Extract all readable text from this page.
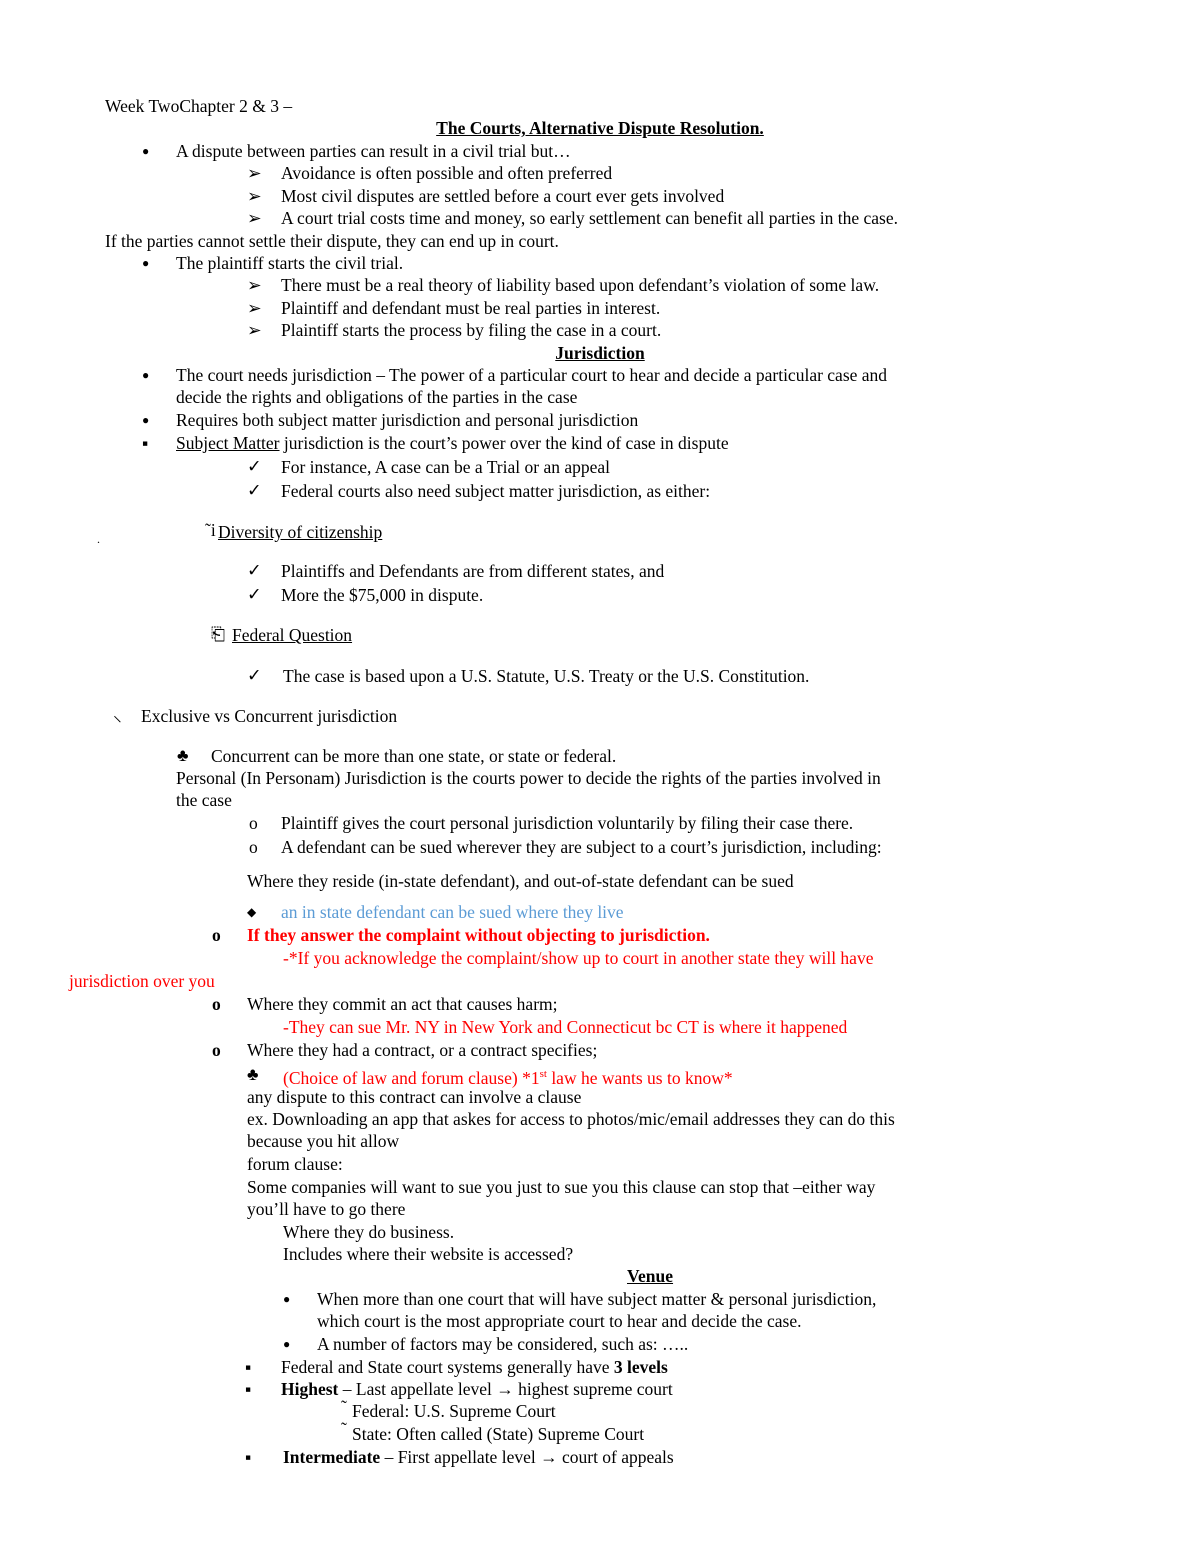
Week TwoChapter 2 & 3 –
The Courts, Alternative Dispute Resolution.
● A dispute between parties can result in a civil trial but…
➢ Avoidance is often possible and often preferred
➢ Most civil disputes are settled before a court ever gets involved
➢ A court trial costs time and money, so early settlement can benefit all parties in the case.
If the parties cannot settle their dispute, they can end up in court.
● The plaintiff starts the civil trial.
➢ There must be a real theory of liability based upon defendant’s violation of some law.
➢ Plaintiff and defendant must be real parties in interest.
➢ Plaintiff starts the process by filing the case in a court.
Jurisdiction
● The court needs jurisdiction – The power of a particular court to hear and decide a particular case and
decide the rights and obligations of the parties in the case
● Requires both subject matter jurisdiction and personal jurisdiction
▪ Subject Matter jurisdiction is the court’s power over the kind of case in dispute
✓ For instance, A case can be a Trial or an appeal
✓ Federal courts also need subject matter jurisdiction, as either:
.	˜i Diversity of citizenship
✓ Plaintiffs and Defendants are from different states, and
✓ More the $75,000 in dispute.
⎗ Federal Question
✓ The case is based upon a U.S. Statute, U.S. Treaty or the U.S. Constitution.
⸜ Exclusive vs Concurrent jurisdiction
♣ Concurrent can be more than one state, or state or federal.
Personal (In Personam) Jurisdiction is the courts power to decide the rights of the parties involved in
the case
o Plaintiff gives the court personal jurisdiction voluntarily by filing their case there.
o A defendant can be sued wherever they are subject to a court’s jurisdiction, including:
Where they reside (in-state defendant), and out-of-state defendant can be sued
◆ an in state defendant can be sued where they live
o If they answer the complaint without objecting to jurisdiction.
-*If you acknowledge the complaint/show up to court in another state they will have
jurisdiction over you
o Where they commit an act that causes harm;
-They can sue Mr. NY in New York and Connecticut bc CT is where it happened
o Where they had a contract, or a contract specifies;
♣ (Choice of law and forum clause) *1st law he wants us to know*
any dispute to this contract can involve a clause
ex. Downloading an app that askes for access to photos/mic/email addresses they can do this
because you hit allow
forum clause:
Some companies will want to sue you just to sue you this clause can stop that –either way
you’ll have to go there
Where they do business.
Includes where their website is accessed?
Venue
● When more than one court that will have subject matter & personal jurisdiction,
which court is the most appropriate court to hear and decide the case.
● A number of factors may be considered, such as: …..
▪ Federal and State court systems generally have 3 levels
▪ Highest – Last appellate level → highest supreme court
˜ Federal: U.S. Supreme Court
˜ State: Often called (State) Supreme Court
▪ Intermediate – First appellate level → court of appeals
